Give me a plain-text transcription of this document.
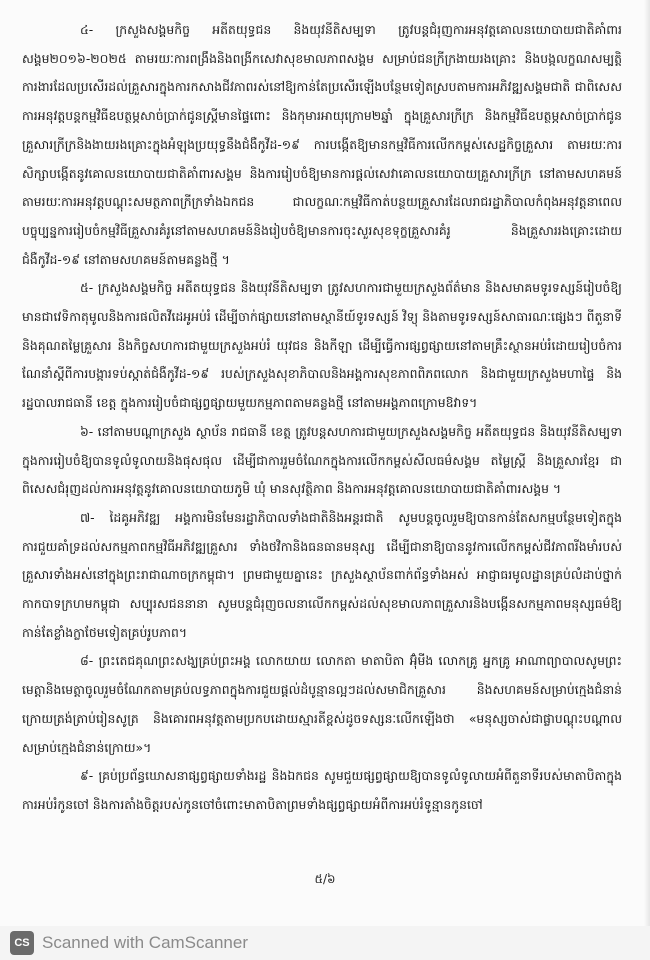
៤- ក្រសួងសង្គមកិច្ច អតីតយុទ្ធជន និងយុវនីតិសម្បទា ត្រូវបន្តជំរុញការអនុវត្តគោលនយោបាយជាតិគាំពារសង្គម២០១៦-២០២៥ តាមរយៈការពង្រឹងនិងពង្រីកសេវាសុខមាលភាពសង្គម សម្រាប់ជនក្រីក្រងាយរងគ្រោះ និងបង្កលក្ខណសម្បត្តិការងារដែលប្រសើរដល់គ្រួសារក្នុងការកសាងជីវភាពរស់នៅឱ្យកាន់តែប្រសើរឡើងបន្ថែមទៀតស្របតាមការអភិវឌ្ឍសង្គមជាតិ ជាពិសេសការអនុវត្តបន្តកម្មវិធីឧបត្ថម្ភសាច់ប្រាក់ជូនស្ត្រីមានផ្ទៃពោះ និងកុមារអាយុក្រោម២ឆ្នាំ ក្នុងគ្រួសារក្រីក្រ និងកម្មវិធីឧបត្ថម្ភសាច់ប្រាក់ជូនគ្រួសារក្រីក្រនិងងាយរងគ្រោះក្នុងអំឡុងប្រយុទ្ធនឹងជំងឺកូវីដ-១៩ ការបង្កើតឱ្យមានកម្មវិធីការលើកកម្ពស់សេដ្ឋកិច្ចគ្រួសារ តាមរយៈការសិក្សាបង្កើតនូវគោលនយោបាយជាតិគាំពារសង្គម និងការរៀបចំឱ្យមានការផ្តល់សេវាគោលនយោបាយគ្រួសារក្រីក្រ នៅតាមសហគមន៍តាមរយៈការអនុវត្តបណ្តុះសមត្ថភាពក្រីក្រទាំងឯកជន ជាលក្ខណៈកម្មវិធីកាត់បន្ថយគ្រួសារដែលរាជរដ្ឋាភិបាលកំពុងអនុវត្តនាពេលបច្ចុប្បន្នការរៀបចំកម្មវិធីគ្រួសារគំរូនៅតាមសហគមន៍និងរៀបចំឱ្យមានការចុះសួរសុខទុក្ខគ្រួសារគំរូ និងគ្រួសាររងគ្រោះដោយជំងឺកូវីដ-១៩ នៅតាមសហគមន៍តាមគន្លងថ្មី ។

៥- ក្រសួងសង្គមកិច្ច អតីតយុទ្ធជន និងយុវនីតិសម្បទា ត្រូវសហការជាមួយក្រសួងព័ត៌មាន និងសមាគមទូរទស្សន៍រៀបចំឱ្យមានជាវេទិកាតុមូលនិងការផលិតវីដេអូអប់រំ ដើម្បីចាក់ផ្សាយនៅតាមស្ថានីយ៍ទូរទស្សន៍ វិទ្យុ និងតាមទូរទស្សន៍សាធារណៈផ្សេងៗ ពីតួនាទីនិងគុណតម្លៃគ្រួសារ និងកិច្ចសហការជាមួយក្រសួងអប់រំ យុវជន និងកីឡា ដើម្បីធ្វើការផ្សព្វផ្សាយនៅតាមគ្រឹះស្ថានអប់រំដោយរៀបចំការណែនាំស្តីពីការបង្ការទប់ស្កាត់ជំងឺកូវីដ-១៩ របស់ក្រសួងសុខាភិបាលនិងអង្គការសុខភាពពិភពលោក និងជាមួយក្រសួងមហាផ្ទៃ និងរដ្ឋបាលរាជធានី ខេត្ត ក្នុងការរៀបចំជាផ្សព្វផ្សាយមួយកម្មភាពតាមគន្លងថ្មី នៅតាមអង្គភាពក្រោមឱវាទ។

៦- នៅតាមបណ្តាក្រសួង ស្ថាប័ន រាជធានី ខេត្ត ត្រូវបន្តសហការជាមួយក្រសួងសង្គមកិច្ច អតីតយុទ្ធជន និងយុវនីតិសម្បទា ក្នុងការរៀបចំឱ្យបានទូលំទូលាយនិងផុសផុល ដើម្បីជាការរួមចំណែកក្នុងការលើកកម្ពស់សីលធម៌សង្គម តម្លៃស្ត្រី និងគ្រួសារខ្មែរ ជាពិសេសជំរុញដល់ការអនុវត្តនូវគោលនយោបាយភូមិ ឃុំ មានសុវត្ថិភាព និងការអនុវត្តគោលនយោបាយជាតិគាំពារសង្គម ។

៧- ដៃគូអភិវឌ្ឍ អង្គការមិនមែនរដ្ឋាភិបាលទាំងជាតិនិងអន្តរជាតិ សូមបន្តចូលរួមឱ្យបានកាន់តែសកម្មបន្ថែមទៀតក្នុងការជួយគាំទ្រដល់សកម្មភាពកម្មវិធីអភិវឌ្ឍគ្រួសារ ទាំងថវិកានិងធនធានមនុស្ស ដើម្បីជានាឱ្យបាននូវការលើកកម្ពស់ជីវភាពរីងមាំរបស់គ្រួសារទាំងអស់នៅក្នុងព្រះរាជាណាចក្រកម្ពុជា។ ព្រមជាមួយគ្នានេះ ក្រសួងស្ថាប័នពាក់ព័ន្ធទាំងអស់ អាជ្ញាធរមូលដ្ឋានគ្រប់លំដាប់ថ្នាក់ កាកបាទក្រហមកម្ពុជា សប្បុរសជននានា សូមបន្តជំរុញចលនាលើកកម្ពស់ដល់សុខមាលភាពគ្រួសារនិងបង្កើនសកម្មភាពមនុស្សធម៌ឱ្យកាន់តែខ្លាំងក្លាថែមទៀតគ្រប់រូបភាព។

៨- ព្រះតេជគុណព្រះសង្ឃគ្រប់ព្រះអង្គ លោកយាយ លោកតា មាតាបិតា អ៊ុំមីង លោកគ្រូ អ្នកគ្រូ អាណាព្យាបាលសូមព្រះមេត្តានិងមេត្តាចូលរួមចំណែកតាមគ្រប់លទ្ធភាពក្នុងការជួយផ្តល់ដំបូន្មានល្អៗដល់សមាជិកគ្រួសារ និងសហគមន៍សម្រាប់ក្មេងជំនាន់ក្រោយត្រង់ត្រាប់រៀនសូត្រ និងគោរពអនុវត្តតាមប្រកបដោយស្មារតីខ្ពស់ដូចទស្សនៈលើកឡើងថា «មនុស្សចាស់ជាផ្លាបណ្តុះបណ្តាលសម្រាប់ក្មេងជំនាន់ក្រោយ»។

៩- គ្រប់ប្រព័ន្ធឃោសនាផ្សព្វផ្សាយទាំងរដ្ឋ និងឯកជន សូមជួយផ្សព្វផ្សាយឱ្យបានទូលំទូលាយអំពីតួនាទីរបស់មាតាបិតាក្នុងការអប់រំកូនចៅ និងការតាំងចិត្តរបស់កូនចៅចំពោះមាតាបិតាព្រមទាំងផ្សព្វផ្សាយអំពីការអប់រំទូន្មានកូនចៅ

៥/៦
CS Scanned with CamScanner
